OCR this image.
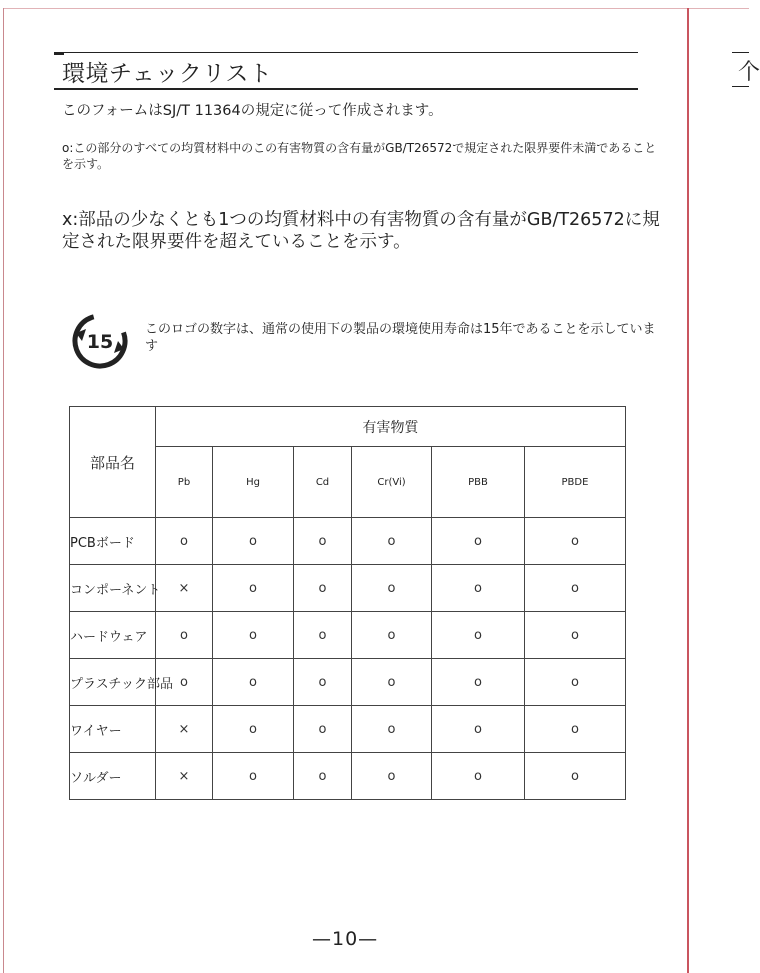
个
環境チェックリスト
このフォームはSJ/T 11364の規定に従って作成されます。
o:この部分のすべての均質材料中のこの有害物質の含有量がGB/T26572で規定された限界要件未満であることを示す。
x:部品の少なくとも1つの均質材料中の有害物質の含有量がGB/T26572に規定された限界要件を超えていることを示す。
15
このロゴの数字は、通常の使用下の製品の環境使用寿命は15年であることを示しています
部品名	有害物質					
	Pb	Hg	Cd	Cr(Vi)	PBB	PBDE
PCBボード	o	o	o	o	o	o
コンポーネント	×	o	o	o	o	o
ハードウェア	o	o	o	o	o	o
プラスチック部品	o	o	o	o	o	o
ワイヤー	×	o	o	o	o	o
ソルダー	×	o	o	o	o	o
—10—
